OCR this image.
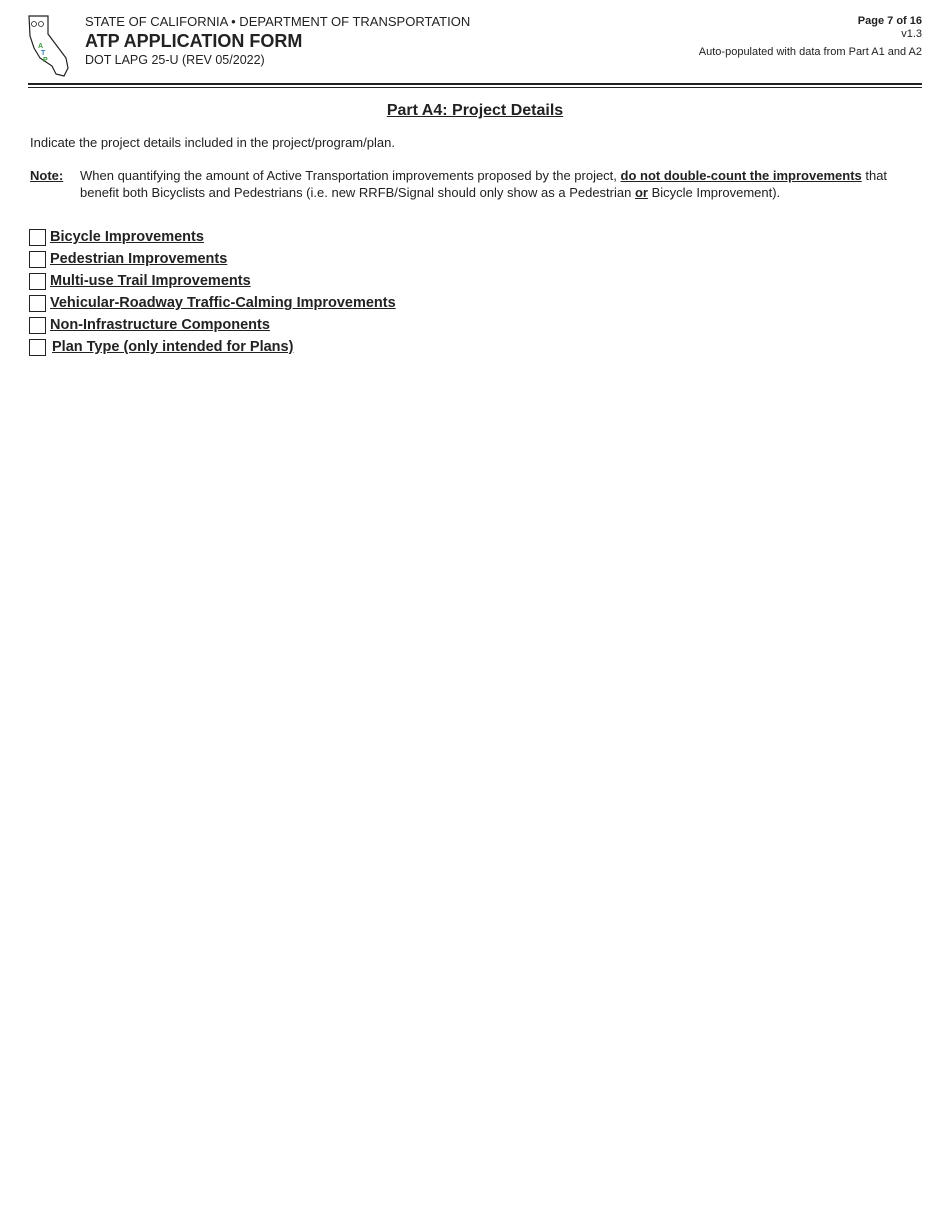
A
T
P
STATE OF CALIFORNIA • DEPARTMENT OF TRANSPORTATION
ATP APPLICATION FORM
DOT LAPG 25-U (REV 05/2022)
Page 7 of 16
v1.3
Auto-populated with data from Part A1 and A2
Part A4: Project Details
Indicate the project details included in the project/program/plan.
Note:	When quantifying the amount of Active Transportation improvements proposed by the project, do not double-count the improvements that benefit both Bicyclists and Pedestrians (i.e. new RRFB/Signal should only show as a Pedestrian or Bicycle Improvement).
Bicycle Improvements
Pedestrian Improvements
Multi-use Trail Improvements
Vehicular-Roadway Traffic-Calming Improvements
Non-Infrastructure Components
Plan Type (only intended for Plans)
